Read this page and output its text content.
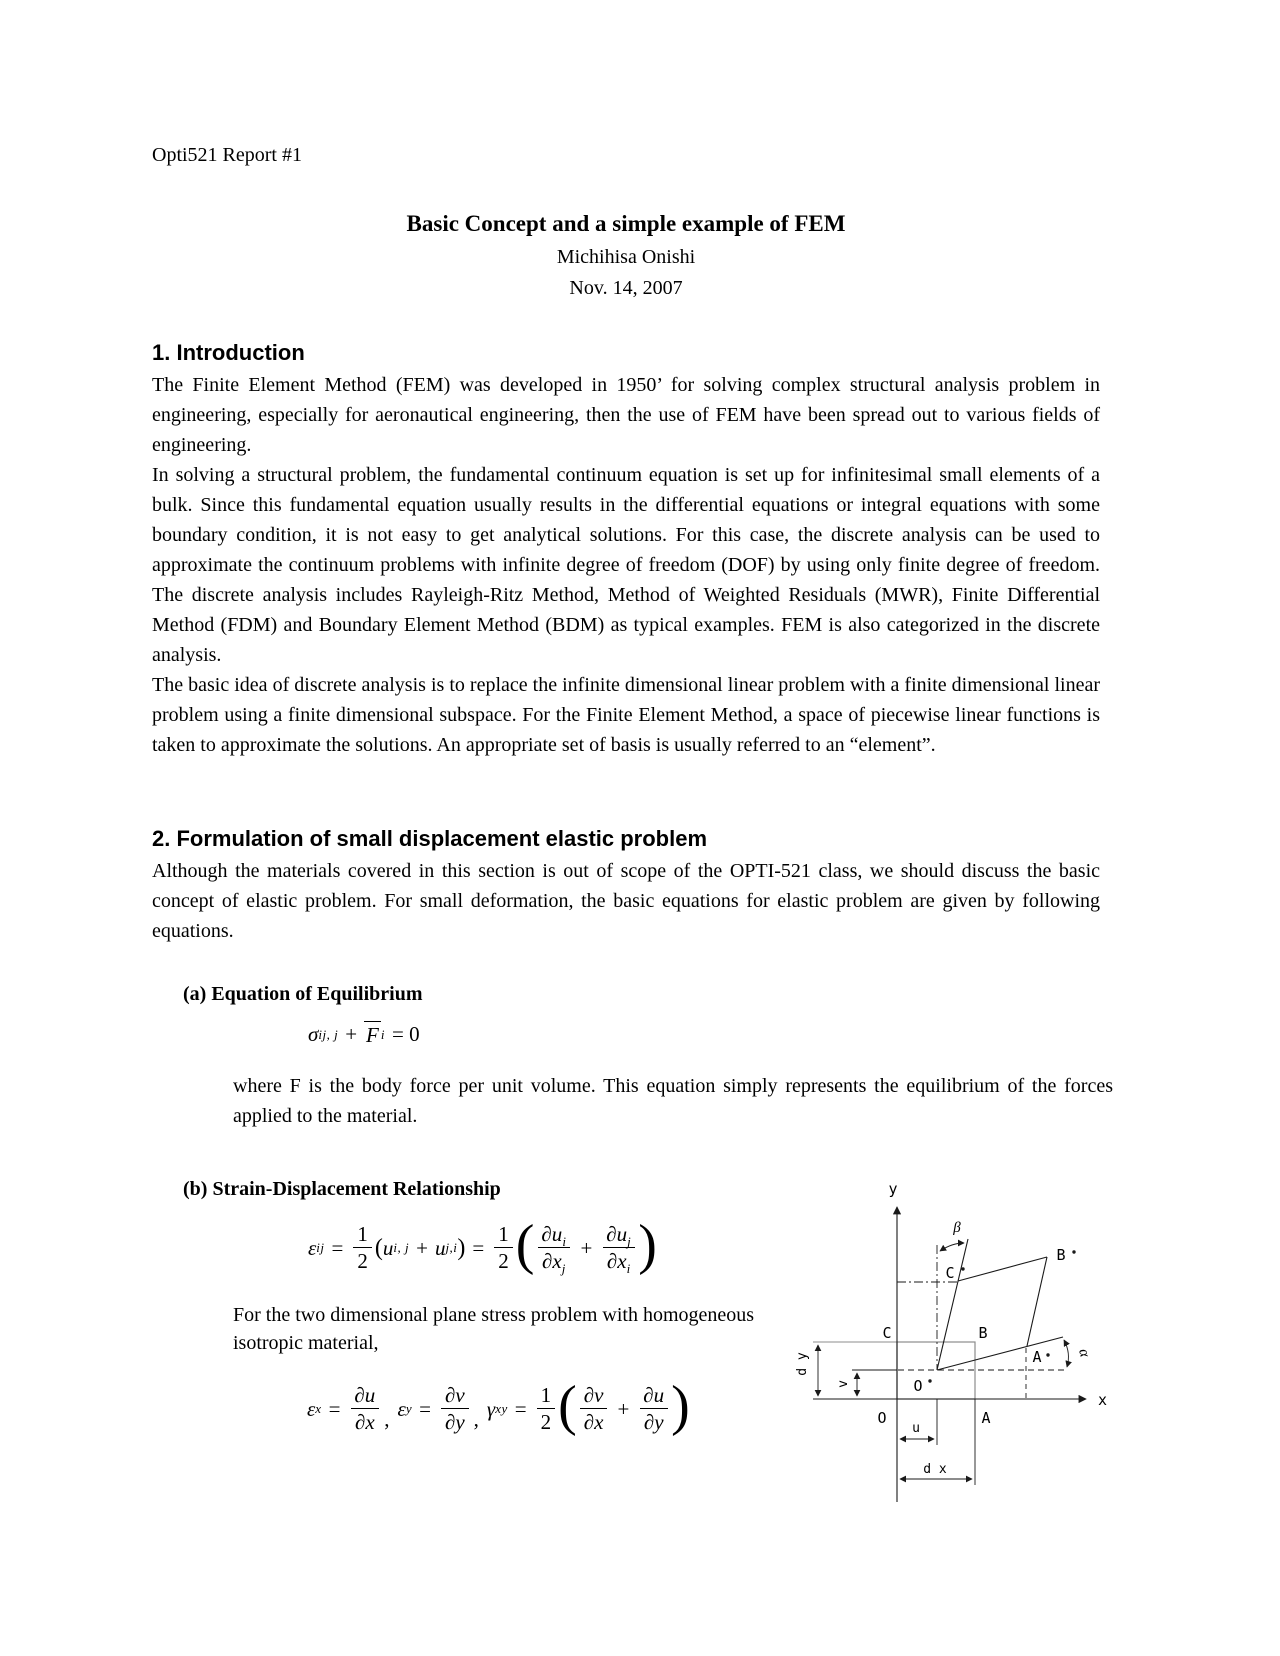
Opti521 Report #1
Basic Concept and a simple example of FEM
Michihisa Onishi
Nov. 14, 2007
1. Introduction

The Finite Element Method (FEM) was developed in 1950’ for solving complex structural analysis problem in engineering, especially for aeronautical engineering, then the use of FEM have been spread out to various fields of engineering.

In solving a structural problem, the fundamental continuum equation is set up for infinitesimal small elements of a bulk. Since this fundamental equation usually results in the differential equations or integral equations with some boundary condition, it is not easy to get analytical solutions. For this case, the discrete analysis can be used to approximate the continuum problems with infinite degree of freedom (DOF) by using only finite degree of freedom. The discrete analysis includes Rayleigh-Ritz Method, Method of Weighted Residuals (MWR), Finite Differential Method (FDM) and Boundary Element Method (BDM) as typical examples. FEM is also categorized in the discrete analysis.

The basic idea of discrete analysis is to replace the infinite dimensional linear problem with a finite dimensional linear problem using a finite dimensional subspace. For the Finite Element Method, a space of piecewise linear functions is taken to approximate the solutions. An appropriate set of basis is usually referred to an “element”.

2. Formulation of small displacement elastic problem

Although the materials covered in this section is out of scope of the OPTI-521 class, we should discuss the basic concept of elastic problem. For small deformation, the basic equations for elastic problem are given by following equations.

(a) Equation of Equilibrium
σ ij, j + F i = 0
where F is the body force per unit volume. This equation simply represents the equilibrium of the forces applied to the material.
(b) Strain-Displacement Relationship
ε ij = $\frac{1}{2}$ ( u i, j + u j,i ) = $\frac{1}{2}$ ( $\frac{\partial u_i}{\partial x_j} + \frac{\partial u_j}{\partial x_i}$ )
For the two dimensional plane stress problem with homogeneous isotropic material,
ε $x = \frac{\partial u}{\partial x}$ , ε $y = \frac{\partial v}{\partial y}$ , γ xy = $\frac{1}{2}$ ( $\frac{\partial v}{\partial x} + \frac{\partial u}{\partial y}$ )
y
x
O	A
B
C
O
A
B
C
β
α
u
v
d y
d x
